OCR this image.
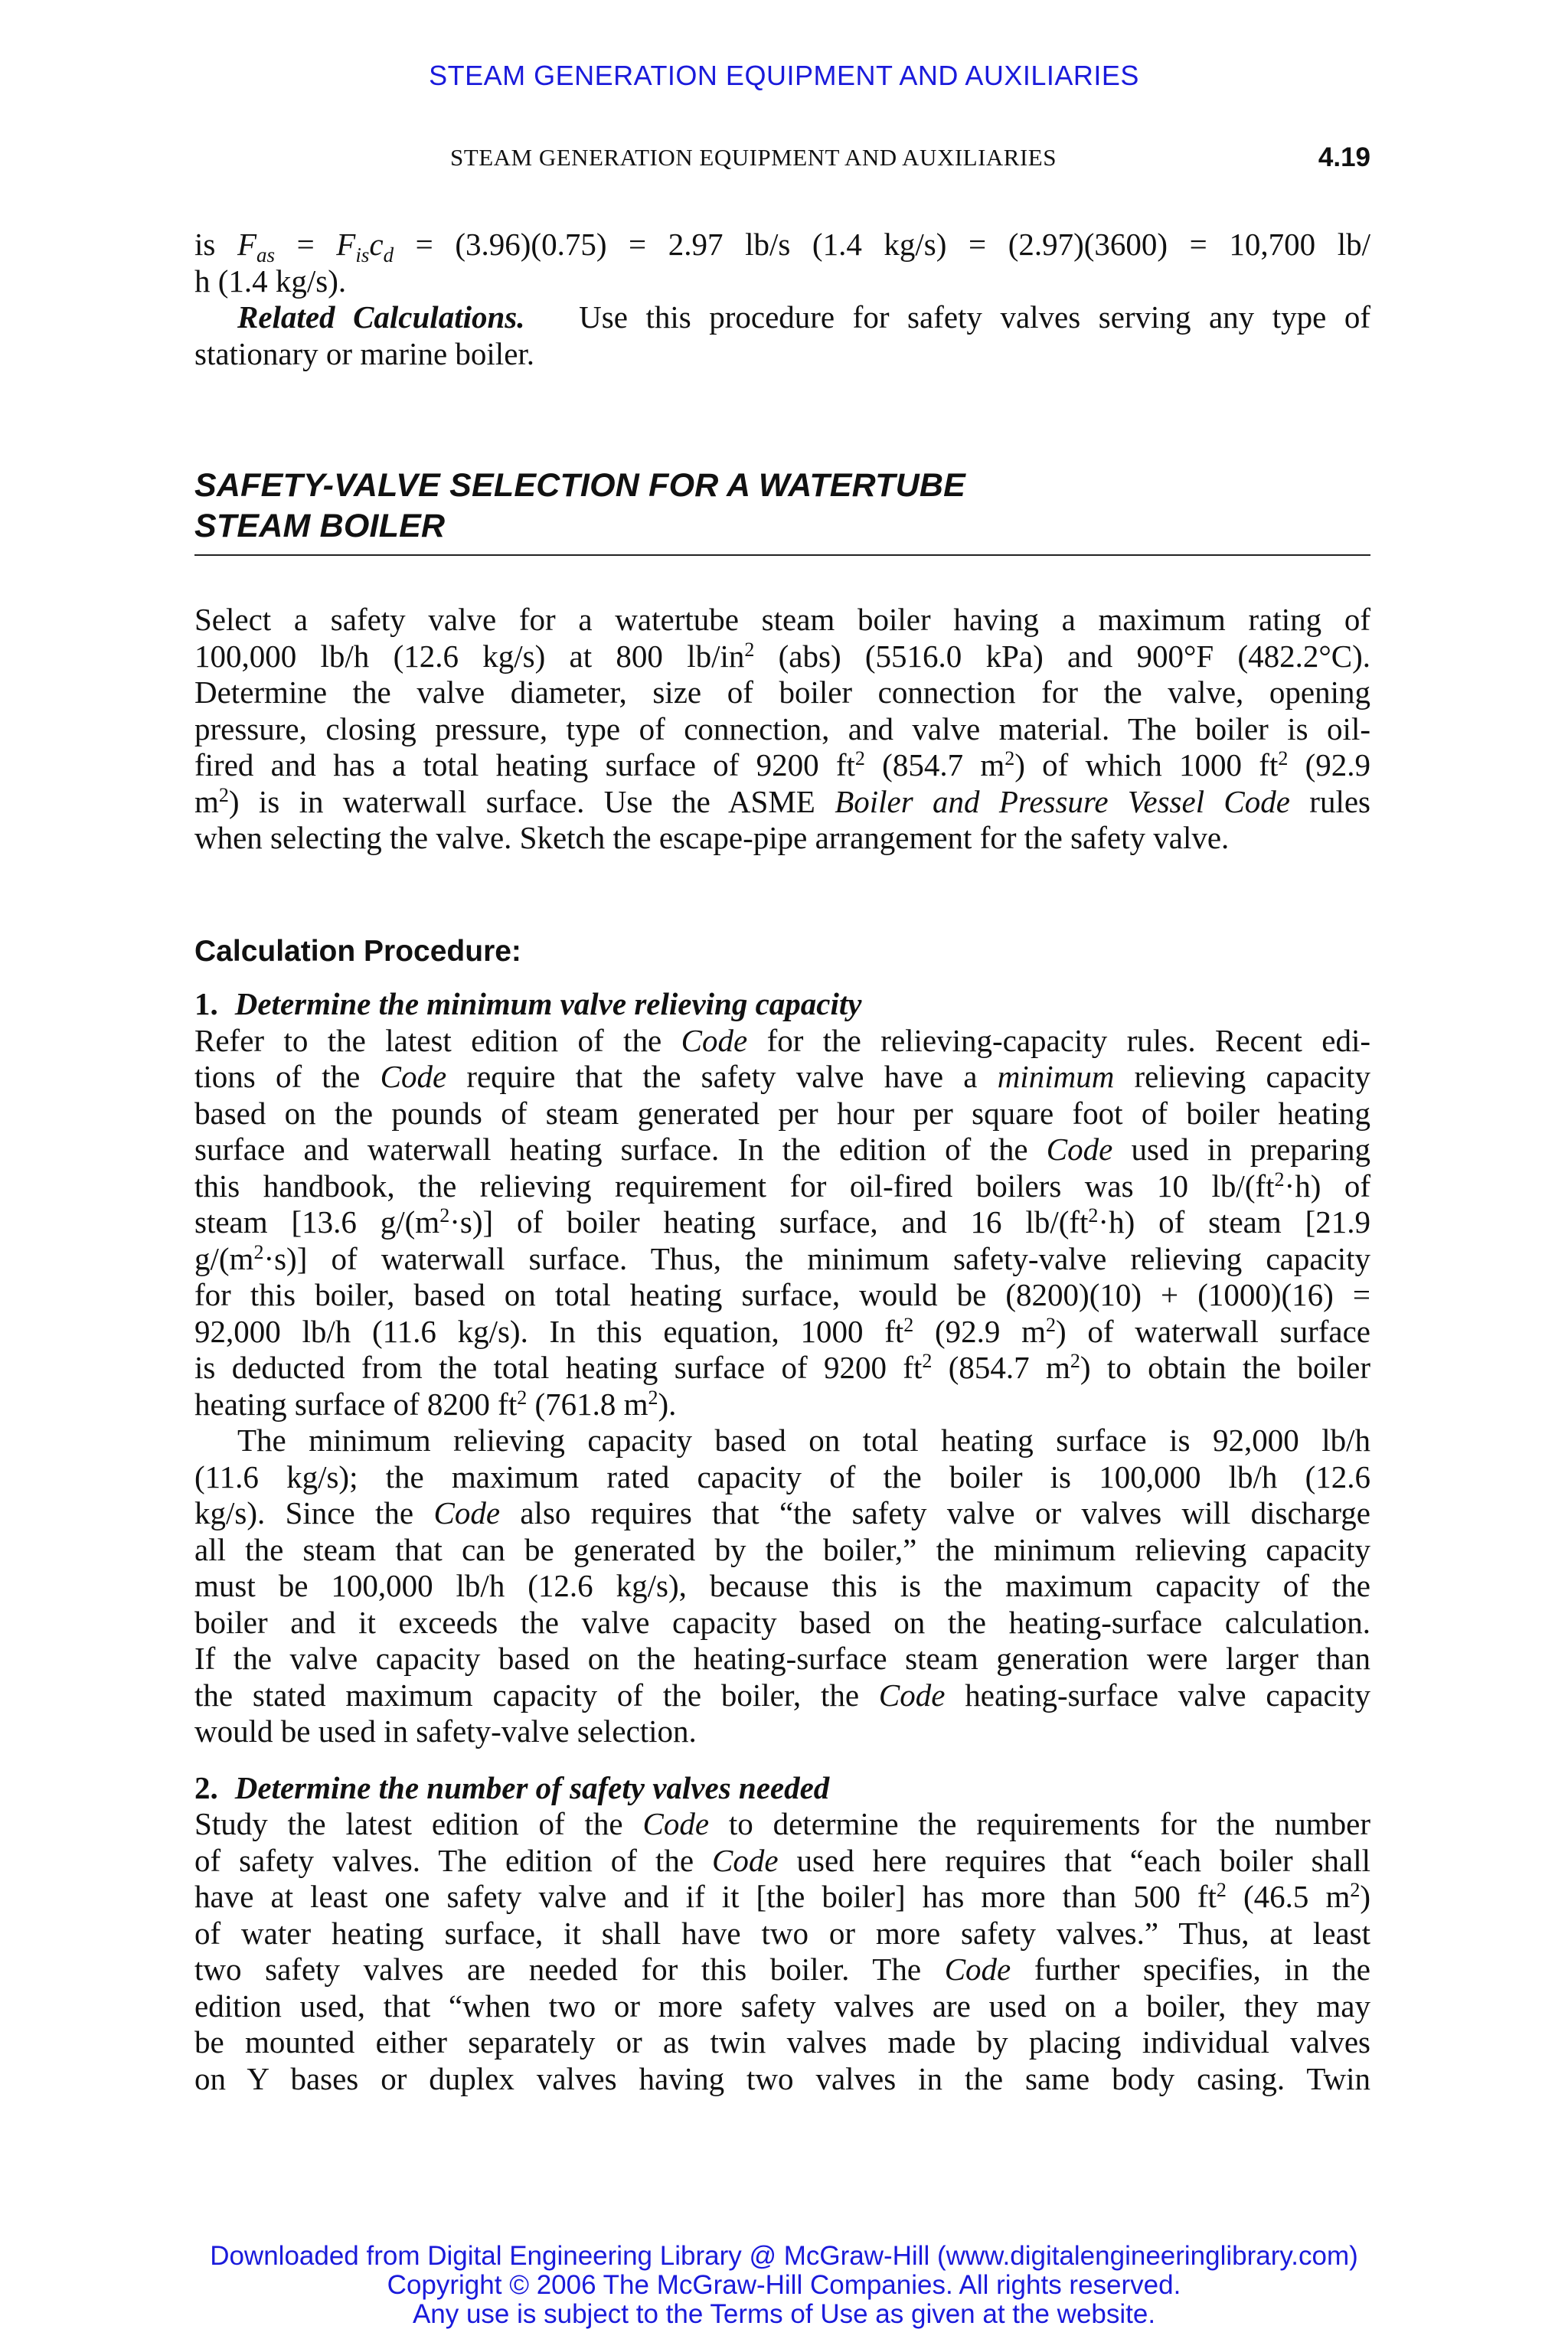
STEAM GENERATION EQUIPMENT AND AUXILIARIES
STEAM GENERATION EQUIPMENT AND AUXILIARIES	4.19

is $F_{as} = F_{is}c_d = (3.96)(0.75) = 2.97$ lb/s (1.4 kg/s) = (2.97)(3600) = 10,700 lb/

h (1.4 kg/s).

Related Calculations. Use this procedure for safety valves serving any type of

stationary or marine boiler.

SAFETY-VALVE SELECTION FOR A WATERTUBE
STEAM BOILER

Select a safety valve for a watertube steam boiler having a maximum rating of

100,000 lb/h (12.6 kg/s) at 800 $lb/in^2$ (abs) (5516.0 kPa) and 900°F (482.2°C).

Determine the valve diameter, size of boiler connection for the valve, opening

pressure, closing pressure, type of connection, and valve material. The boiler is oil-

fired and has a total heating surface of 9200 $ft^2$ (854.7 $m^2$) of which 1000 $ft^2$ (92.9

$m^2$) is in waterwall surface. Use the ASME Boiler and Pressure Vessel Code rules

when selecting the valve. Sketch the escape-pipe arrangement for the safety valve.

Calculation Procedure:

1. Determine the minimum valve relieving capacity

Refer to the latest edition of the Code for the relieving-capacity rules. Recent edi-

tions of the Code require that the safety valve have a minimum relieving capacity

based on the pounds of steam generated per hour per square foot of boiler heating

surface and waterwall heating surface. In the edition of the Code used in preparing

this handbook, the relieving requirement for oil-fired boilers was 10 $lb/(ft^2\cdot h)$ of

steam [13.6 $g/(m^2\cdot s)$] of boiler heating surface, and 16 $lb/(ft^2\cdot h)$ of steam [21.9

$g/(m^2\cdot s)$] of waterwall surface. Thus, the minimum safety-valve relieving capacity

for this boiler, based on total heating surface, would be (8200)(10) + (1000)(16) =

92,000 lb/h (11.6 kg/s). In this equation, 1000 $ft^2$ (92.9 $m^2$) of waterwall surface

is deducted from the total heating surface of 9200 $ft^2$ (854.7 $m^2$) to obtain the boiler

heating surface of 8200 $ft^2$ (761.8 $m^2$).

The minimum relieving capacity based on total heating surface is 92,000 lb/h

(11.6 kg/s); the maximum rated capacity of the boiler is 100,000 lb/h (12.6

kg/s). Since the Code also requires that “the safety valve or valves will discharge

all the steam that can be generated by the boiler,” the minimum relieving capacity

must be 100,000 lb/h (12.6 kg/s), because this is the maximum capacity of the

boiler and it exceeds the valve capacity based on the heating-surface calculation.

If the valve capacity based on the heating-surface steam generation were larger than

the stated maximum capacity of the boiler, the Code heating-surface valve capacity

would be used in safety-valve selection.

2. Determine the number of safety valves needed

Study the latest edition of the Code to determine the requirements for the number

of safety valves. The edition of the Code used here requires that “each boiler shall

have at least one safety valve and if it [the boiler] has more than 500 $ft^2$ (46.5 $m^2$)

of water heating surface, it shall have two or more safety valves.” Thus, at least

two safety valves are needed for this boiler. The Code further specifies, in the

edition used, that “when two or more safety valves are used on a boiler, they may

be mounted either separately or as twin valves made by placing individual valves

on Y bases or duplex valves having two valves in the same body casing. Twin

Downloaded from Digital Engineering Library @ McGraw-Hill (www.digitalengineeringlibrary.com)
Copyright © 2006 The McGraw-Hill Companies. All rights reserved.
Any use is subject to the Terms of Use as given at the website.
